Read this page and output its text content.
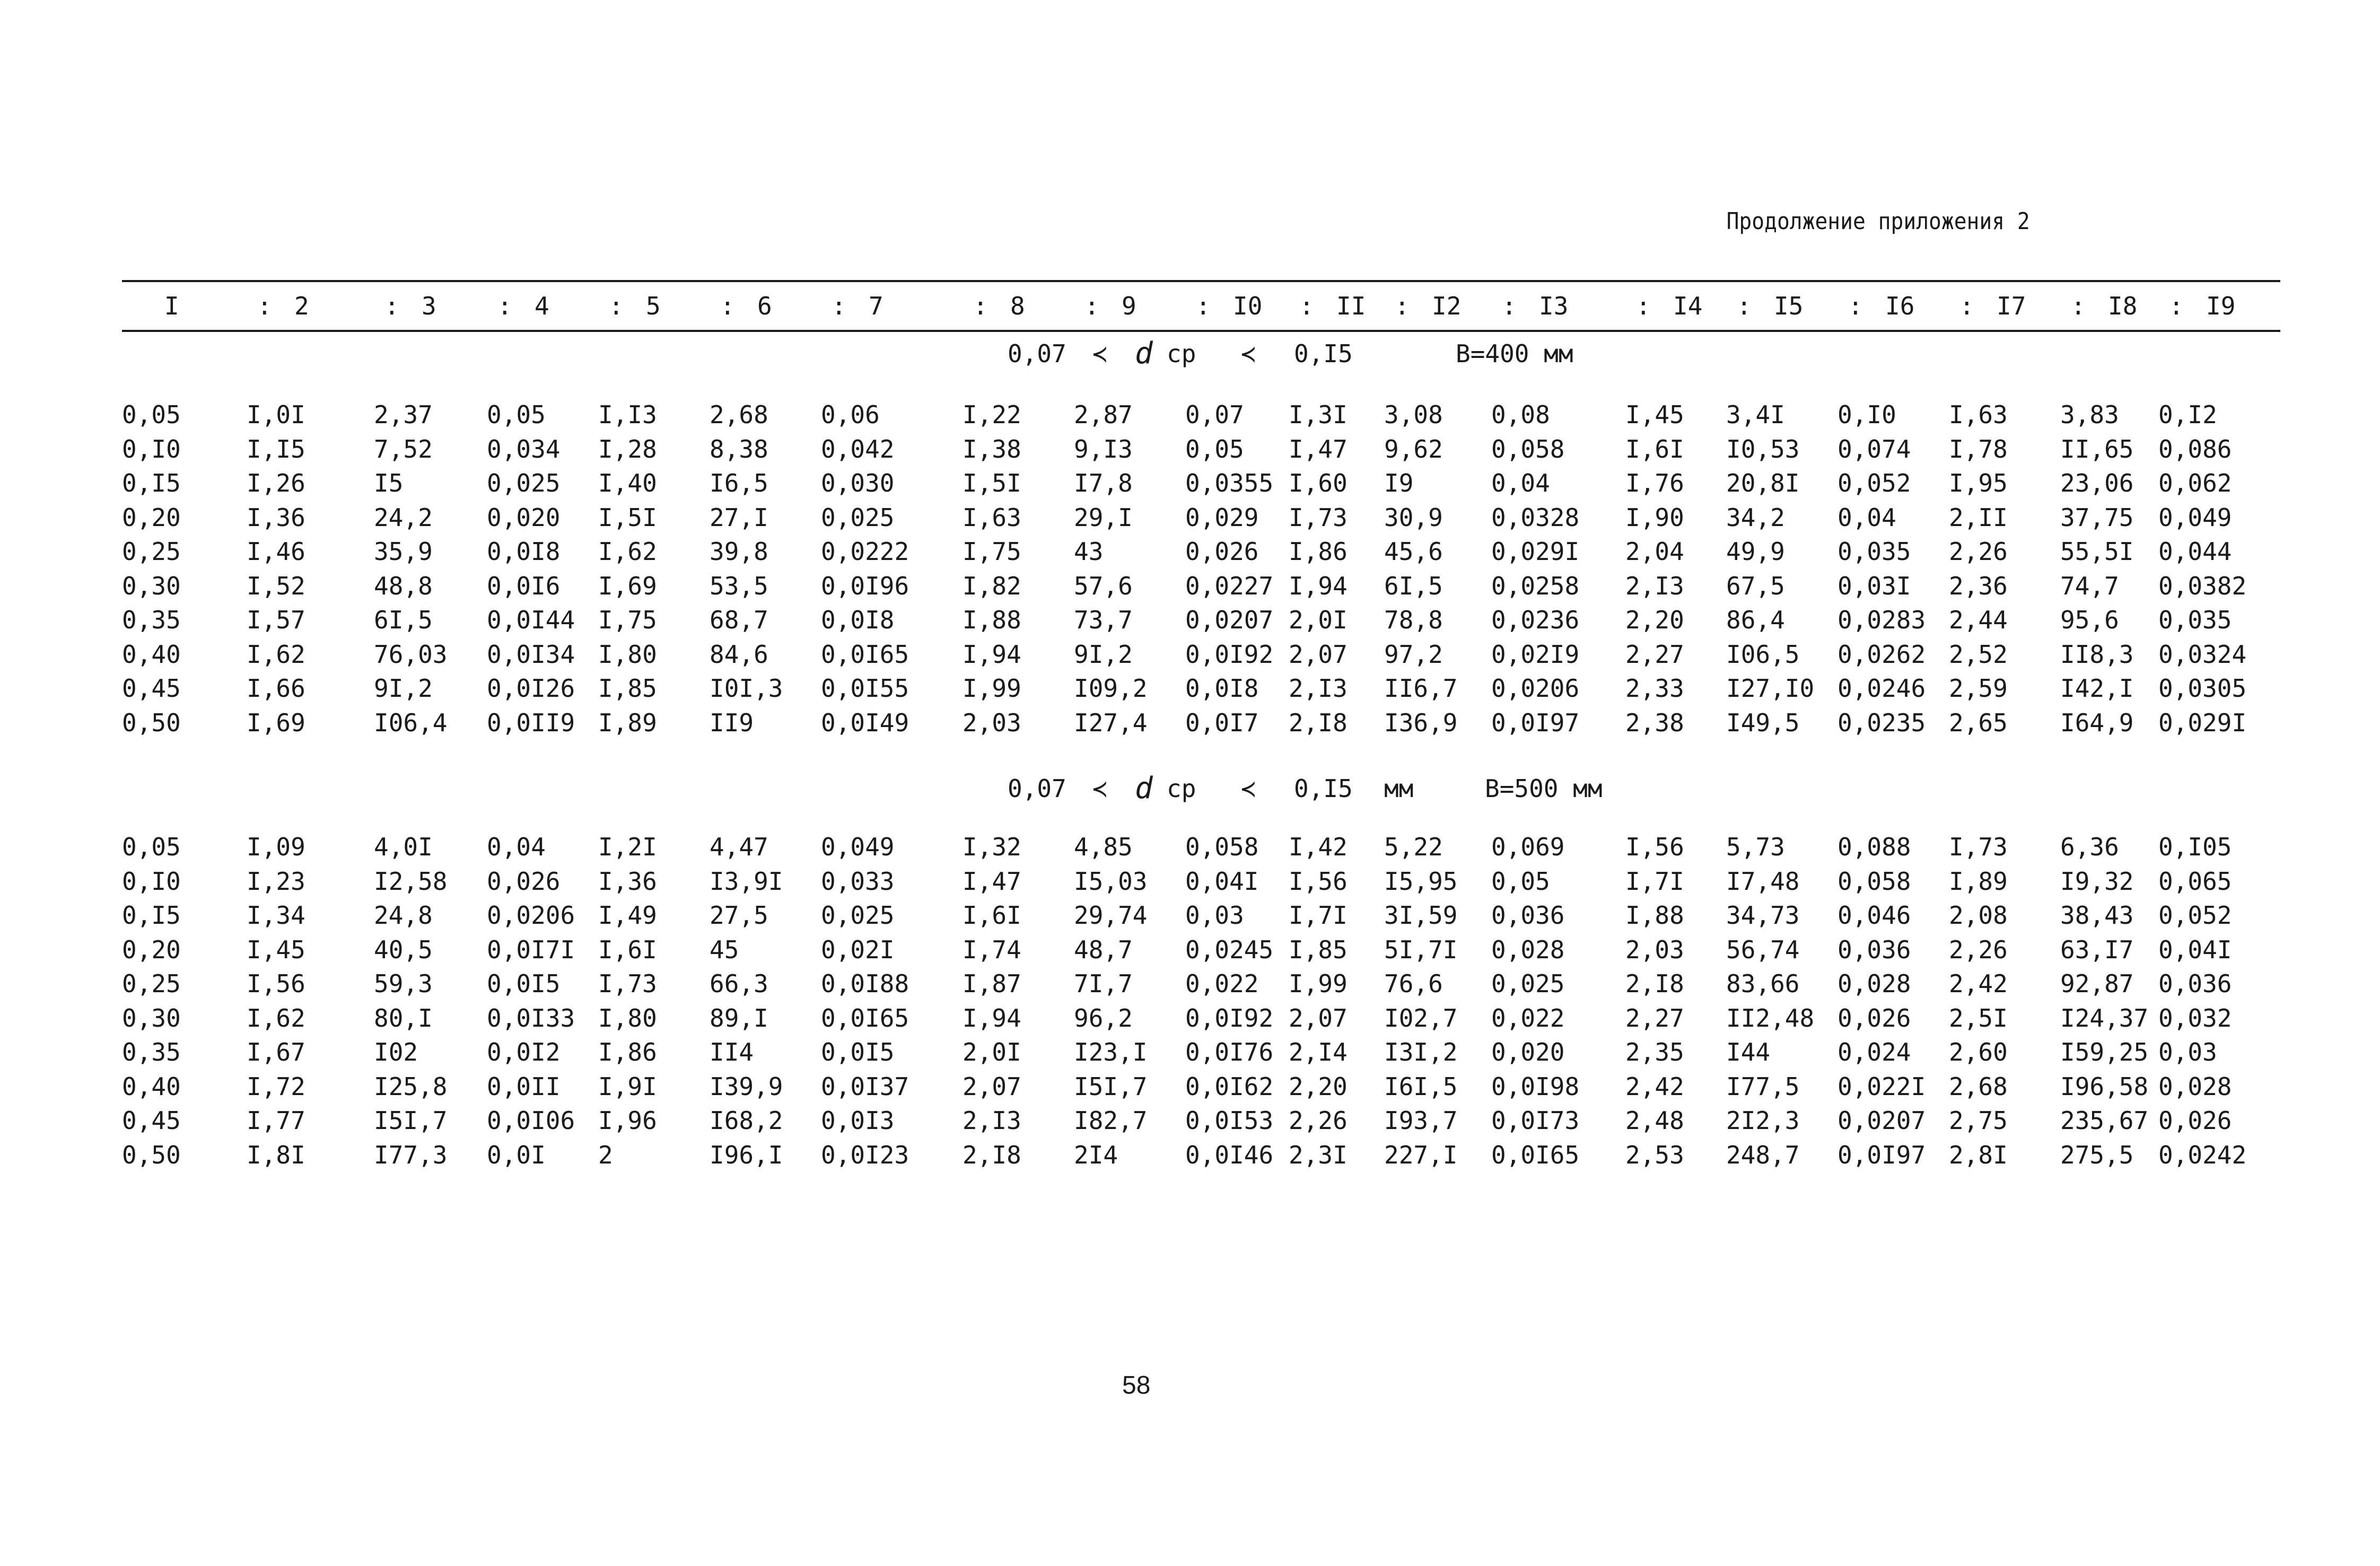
Продолжение приложения 2
I	: 2	: 3	: 4 : 5 : 6 : 7	: 8 : 9 : I0 : II : I2 : I3	: I4 : I5 : I6 : I7 : I8 : I9
0,07 ≺ d ср ≺ 0,I5	B=400 мм
0,05	I,0I	2,37 0,05 I,I3 2,68 0,06	I,22 2,87 0,07 I,3I 3,08 0,08	I,45 3,4I 0,I0 I,63 3,83 0,I2
0,I0	I,I5	7,52 0,034 I,28 8,38 0,042	I,38 9,I3 0,05 I,47 9,62 0,058 I,6I I0,53 0,074 I,78 II,65 0,086
0,I5	I,26	I5	0,025 I,40 I6,5 0,030	I,5I I7,8 0,0355 I,60 I9	0,04	I,76 20,8I 0,052 I,95 23,06 0,062
0,20	I,36	24,2 0,020 I,5I 27,I 0,025	I,63 29,I 0,029 I,73 30,9 0,0328 I,90 34,2 0,04 2,II 37,75 0,049
0,25	I,46	35,9 0,0I8 I,62 39,8 0,0222 I,75 43	0,026 I,86 45,6 0,029I 2,04 49,9 0,035 2,26 55,5I 0,044
0,30	I,52	48,8 0,0I6 I,69 53,5 0,0I96 I,82 57,6 0,0227 I,94 6I,5 0,0258 2,I3 67,5 0,03I 2,36 74,7 0,0382
0,35	I,57	6I,5 0,0I44 I,75 68,7 0,0I8	I,88 73,7 0,0207 2,0I 78,8 0,0236 2,20 86,4 0,0283 2,44 95,6 0,035
0,40	I,62	76,03 0,0I34 I,80 84,6 0,0I65 I,94 9I,2 0,0I92 2,07 97,2 0,02I9 2,27 I06,5 0,0262 2,52 II8,3 0,0324
0,45	I,66	9I,2 0,0I26 I,85 I0I,3 0,0I55 I,99 I09,2 0,0I8 2,I3 II6,7 0,0206 2,33 I27,I0 0,0246 2,59 I42,I 0,0305
0,50	I,69	I06,4 0,0II9 I,89 II9	0,0I49 2,03 I27,4 0,0I7 2,I8 I36,9 0,0I97 2,38 I49,5 0,0235 2,65 I64,9 0,029I
0,07 ≺ d ср ≺ 0,I5 мм	B=500 мм
0,05	I,09	4,0I 0,04 I,2I 4,47 0,049	I,32 4,85 0,058 I,42 5,22 0,069 I,56 5,73 0,088 I,73 6,36 0,I05
0,I0	I,23	I2,58 0,026 I,36 I3,9I 0,033	I,47 I5,03 0,04I I,56 I5,95 0,05	I,7I I7,48 0,058 I,89 I9,32 0,065
0,I5	I,34	24,8 0,0206 I,49 27,5 0,025	I,6I 29,74 0,03 I,7I 3I,59 0,036 I,88 34,73 0,046 2,08 38,43 0,052
0,20	I,45	40,5 0,0I7I I,6I 45	0,02I	I,74 48,7 0,0245 I,85 5I,7I 0,028 2,03 56,74 0,036 2,26 63,I7 0,04I
0,25	I,56	59,3 0,0I5 I,73 66,3 0,0I88 I,87 7I,7 0,022 I,99 76,6 0,025 2,I8 83,66 0,028 2,42 92,87 0,036
0,30	I,62	80,I 0,0I33 I,80 89,I 0,0I65 I,94 96,2 0,0I92 2,07 I02,7 0,022 2,27 II2,48 0,026 2,5I I24,37 0,032
0,35	I,67	I02	0,0I2 I,86 II4	0,0I5	2,0I I23,I 0,0I76 2,I4 I3I,2 0,020 2,35 I44	0,024 2,60 I59,25 0,03
0,40	I,72	I25,8 0,0II I,9I I39,9 0,0I37 2,07 I5I,7 0,0I62 2,20 I6I,5 0,0I98 2,42 I77,5 0,022I 2,68 I96,58 0,028
0,45	I,77	I5I,7 0,0I06 I,96 I68,2 0,0I3	2,I3 I82,7 0,0I53 2,26 I93,7 0,0I73 2,48 2I2,3 0,0207 2,75 235,67 0,026
0,50	I,8I	I77,3 0,0I 2	I96,I 0,0I23 2,I8 2I4	0,0I46 2,3I 227,I 0,0I65 2,53 248,7 0,0I97 2,8I 275,5 0,0242
58
